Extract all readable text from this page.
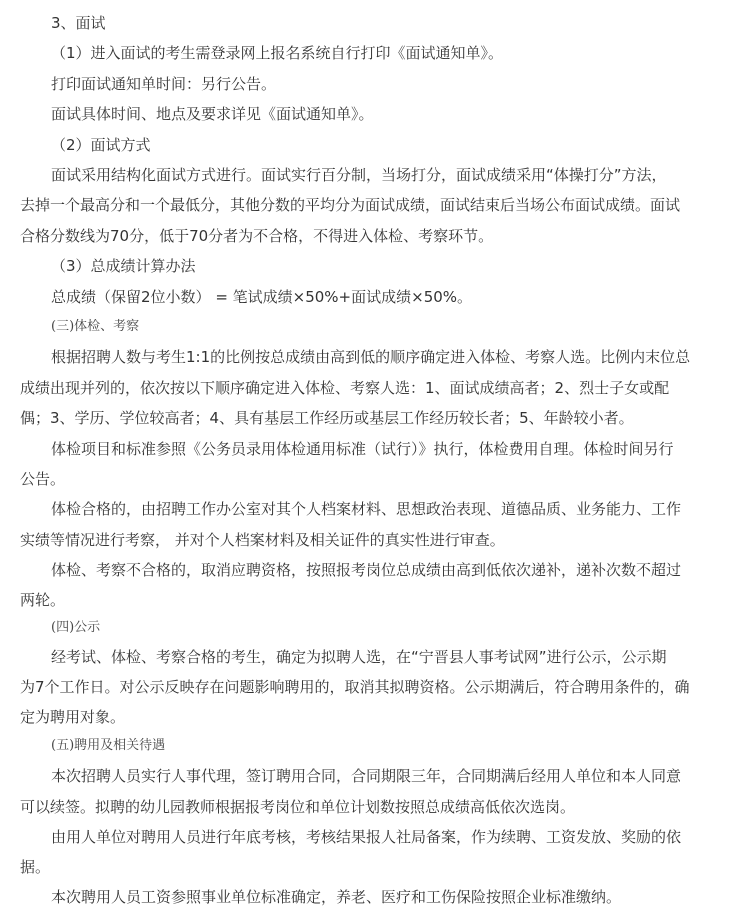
3、面试
（1）进入面试的考生需登录网上报名系统自行打印《面试通知单》。
打印面试通知单时间：另行公告。
面试具体时间、地点及要求详见《面试通知单》。
（2）面试方式
面试采用结构化面试方式进行。面试实行百分制，当场打分，面试成绩采用“体操打分”方法，
去掉一个最高分和一个最低分，其他分数的平均分为面试成绩，面试结束后当场公布面试成绩。面试
合格分数线为70分，低于70分者为不合格，不得进入体检、考察环节。
（3）总成绩计算办法
总成绩（保留2位小数） = 笔试成绩×50%+面试成绩×50%。
(三)体检、考察
根据招聘人数与考生1:1的比例按总成绩由高到低的顺序确定进入体检、考察人选。比例内末位总
成绩出现并列的，依次按以下顺序确定进入体检、考察人选：1、面试成绩高者；2、烈士子女或配
偶；3、学历、学位较高者；4、具有基层工作经历或基层工作经历较长者；5、年龄较小者。
体检项目和标准参照《公务员录用体检通用标准（试行）》执行，体检费用自理。体检时间另行
公告。
体检合格的，由招聘工作办公室对其个人档案材料、思想政治表现、道德品质、业务能力、工作
实绩等情况进行考察， 并对个人档案材料及相关证件的真实性进行审查。
体检、考察不合格的，取消应聘资格，按照报考岗位总成绩由高到低依次递补，递补次数不超过
两轮。
(四)公示
经考试、体检、考察合格的考生，确定为拟聘人选，在“宁晋县人事考试网”进行公示，公示期
为7个工作日。对公示反映存在问题影响聘用的，取消其拟聘资格。公示期满后，符合聘用条件的，确
定为聘用对象。
(五)聘用及相关待遇
本次招聘人员实行人事代理，签订聘用合同，合同期限三年，合同期满后经用人单位和本人同意
可以续签。拟聘的幼儿园教师根据报考岗位和单位计划数按照总成绩高低依次选岗。
由用人单位对聘用人员进行年底考核，考核结果报人社局备案，作为续聘、工资发放、奖励的依
据。
本次聘用人员工资参照事业单位标准确定，养老、医疗和工伤保险按照企业标准缴纳。
